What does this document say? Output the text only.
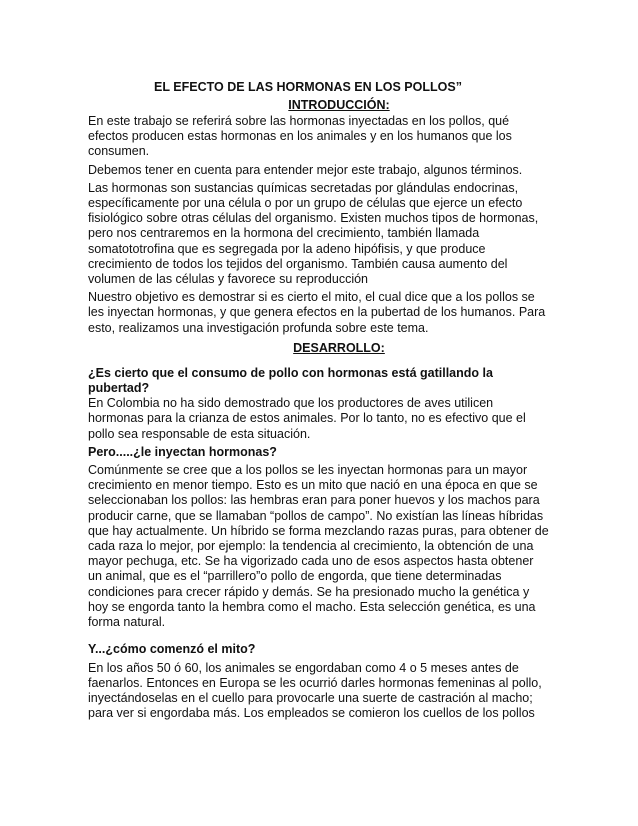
EL EFECTO DE LAS HORMONAS EN LOS POLLOS”
INTRODUCCIÓN:

En este trabajo se referirá sobre las hormonas inyectadas en los pollos, qué efectos producen estas hormonas en los animales y en los humanos que los consumen.

Debemos tener en cuenta para entender mejor este trabajo, algunos términos.

Las hormonas son sustancias químicas secretadas por glándulas endocrinas, específicamente por una célula o por un grupo de células que ejerce un efecto fisiológico sobre otras células del organismo. Existen muchos tipos de hormonas, pero nos centraremos en la hormona del crecimiento, también llamada somatototrofina que es segregada por la adeno hipófisis, y que produce crecimiento de todos los tejidos del organismo. También causa aumento del volumen de las células y favorece su reproducción

Nuestro objetivo es demostrar si es cierto el mito, el cual dice que a los pollos se les inyectan hormonas, y que genera efectos en la pubertad de los humanos. Para esto, realizamos una investigación profunda sobre este tema.

DESARROLLO:
¿Es cierto que el consumo de pollo con hormonas está gatillando la pubertad?

En Colombia no ha sido demostrado que los productores de aves utilicen hormonas para la crianza de estos animales. Por lo tanto, no es efectivo que el pollo sea responsable de esta situación.

Pero.....¿le inyectan hormonas?

Comúnmente se cree que a los pollos se les inyectan hormonas para un mayor crecimiento en menor tiempo. Esto es un mito que nació en una época en que se seleccionaban los pollos: las hembras eran para poner huevos y los machos para producir carne, que se llamaban “pollos de campo”. No existían las líneas híbridas que hay actualmente. Un híbrido se forma mezclando razas puras, para obtener de cada raza lo mejor, por ejemplo: la tendencia al crecimiento, la obtención de una mayor pechuga, etc. Se ha vigorizado cada uno de esos aspectos hasta obtener un animal, que es el “parrillero”o pollo de engorda, que tiene determinadas condiciones para crecer rápido y demás. Se ha presionado mucho la genética y hoy se engorda tanto la hembra como el macho. Esta selección genética, es una forma natural.

Y...¿cómo comenzó el mito?

En los años 50 ó 60, los animales se engordaban como 4 o 5 meses antes de faenarlos. Entonces en Europa se les ocurrió darles hormonas femeninas al pollo, inyectándoselas en el cuello para provocarle una suerte de castración al macho; para ver si engordaba más. Los empleados se comieron los cuellos de los pollos
